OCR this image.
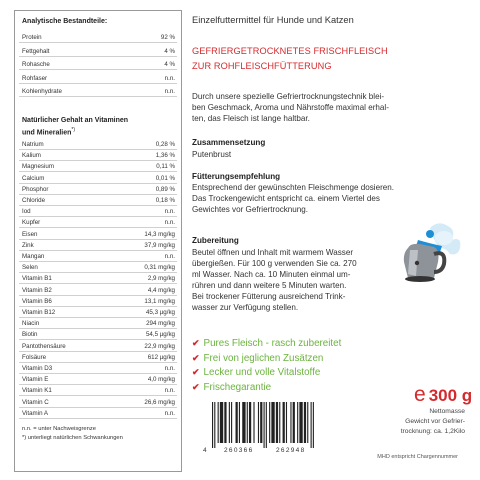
Analytische Bestandteile:
Protein	92 %
Fettgehalt	4 %
Rohasche	4 %
Rohfaser	n.n.
Kohlenhydrate	n.n.
Natürlicher Gehalt an Vitaminen
und Mineralien*)
Natrium	0,28 %
Kalium	1,36 %
Magnesium	0,11 %
Calcium	0,01 %
Phosphor	0,89 %
Chloride	0,18 %
Iod	n.n.
Kupfer	n.n.
Eisen	14,3 mg/kg
Zink	37,9 mg/kg
Mangan	n.n.
Selen	0,31 mg/kg
Vitamin B1	2,9 mg/kg
Vitamin B2	4,4 mg/kg
Vitamin B6	13,1 mg/kg
Vitamin B12	45,3 µg/kg
Niacin	294 mg/kg
Biotin	54,5 µg/kg
Pantothensäure	22,9 mg/kg
Folsäure	612 µg/kg
Vitamin D3	n.n.
Vitamin E	4,0 mg/kg
Vitamin K1	n.n.
Vitamin C	26,6 mg/kg
Vitamin A	n.n.
n.n. = unter Nachweisgrenze
*) unterliegt natürlichen Schwankungen
Einzelfuttermittel für Hunde und Katzen
GEFRIERGETROCKNETES FRISCHFLEISCH
ZUR ROHFLEISCHFÜTTERUNG
Durch unsere spezielle Gefriertrocknungstechnik blei-
ben Geschmack, Aroma und Nährstoffe maximal erhal-
ten, das Fleisch ist lange haltbar.
Zusammensetzung
Putenbrust
Fütterungsempfehlung
Entsprechend der gewünschten Fleischmenge dosieren.
Das Trockengewicht entspricht ca. einem Viertel des
Gewichtes vor Gefriertrocknung.
Zubereitung
Beutel öffnen und Inhalt mit warmem Wasser
übergießen. Für 100 g verwenden Sie ca. 270
ml Wasser. Nach ca. 10 Minuten einmal um-
rühren und dann weitere 5 Minuten warten.
Bei trockener Fütterung ausreichend Trink-
wasser zur Verfügung stellen.
✔ Pures Fleisch - rasch zubereitet
✔ Frei von jeglichen Zusätzen
✔ Lecker und volle Vitalstoffe
✔ Frischegarantie	e 300 g
Nettomasse
Gewicht vor Gefrier-
trocknung: ca. 1,2Kilo
4	260366	262948
MHD entspricht Chargennummer
